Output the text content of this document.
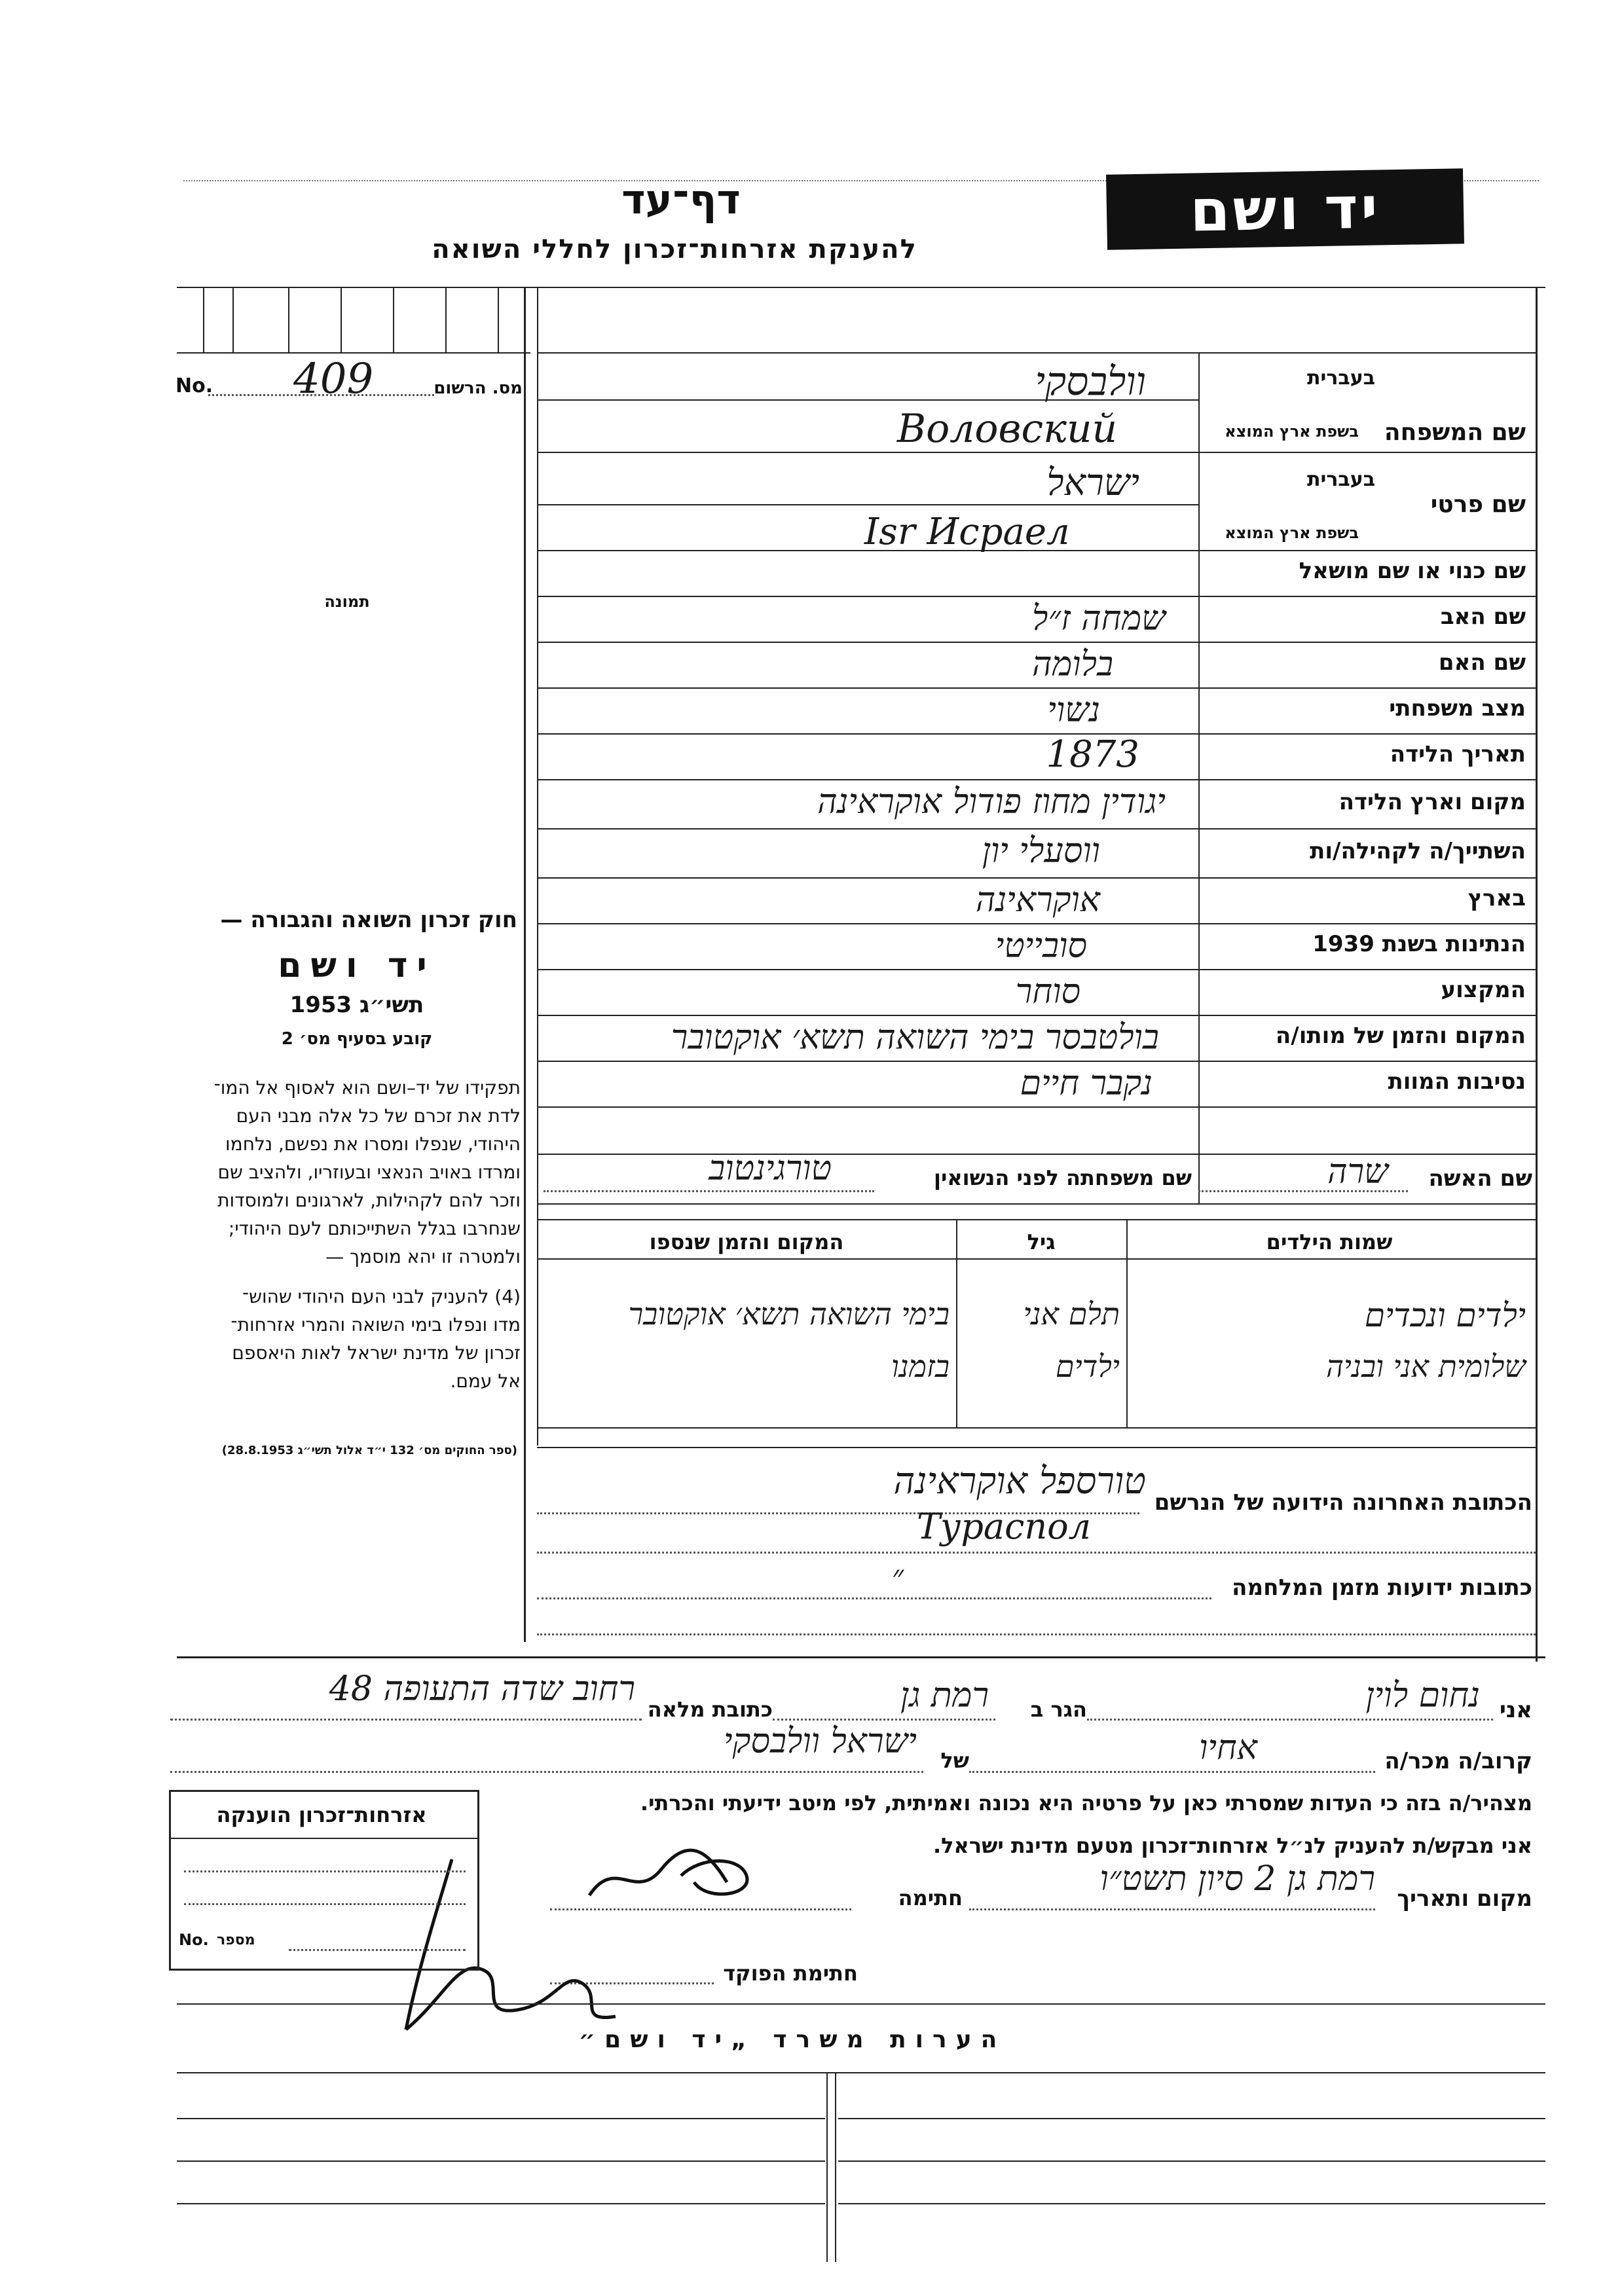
יד ושם
דף־עד
להענקת אזרחות־זכרון לחללי השואה
No. 409	מס. הרשום
תמונה
שם המשפחה
בעברית
בשפת ארץ המוצא
וולבסקי
Воловский
שם פרטי
בעברית
בשפת ארץ המוצא
ישראל
Isr Исраел
שם כנוי או שם מושאל
שם האב
שמחה ז״ל
שם האם
בלומה
מצב משפחתי
נשוי
תאריך הלידה
1873
מקום וארץ הלידה
יגודין מחוז פודול אוקראינה
השתייך/ה לקהילה/ות
ווסעלי יון
בארץ
אוקראינה
הנתינות בשנת 1939
סובייטי
המקצוע
סוחר
המקום והזמן של מותו/ה
בולטבסר בימי השואה תשא׳ אוקטובר
נסיבות המוות
נקבר חיים
שם האשה
שרה
שם משפחתה לפני הנשואין
טורגינטוב
שמות הילדים
גיל
המקום והזמן שנספו
ילדים ונכדים
תלם אני
בימי השואה תשא׳ אוקטובר
שלומית אני ובניה
ילדים
בזמנו
הכתובת האחרונה הידועה של הנרשם
טורספל אוקראינה
Тураспол
כתובות ידועות מזמן המלחמה
״
חוק זכרון השואה והגבורה —
יד ושם
תשי״ג 1953
קובע בסעיף מס׳ 2
תפקידו של יד–ושם הוא לאסוף אל המו־
לדת את זכרם של כל אלה מבני העם
היהודי, שנפלו ומסרו את נפשם, נלחמו
ומרדו באויב הנאצי ובעוזריו, ולהציב שם
וזכר להם לקהילות, לארגונים ולמוסדות
שנחרבו בגלל השתייכותם לעם היהודי;
ולמטרה זו יהא מוסמך —
(4) להעניק לבני העם היהודי שהוש־
מדו ונפלו בימי השואה והמרי אזרחות־
זכרון של מדינת ישראל לאות היאספם
אל עמם.
(ספר החוקים מס׳ 132 י״ד אלול תשי״ג 28.8.1953)
אני
נחום לוין
הגר ב
רמת גן
כתובת מלאה
רחוב שדה התעופה 48
קרוב/ה מכר/ה
אחיו
של
ישראל וולבסקי
מצהיר/ה בזה כי העדות שמסרתי כאן על פרטיה היא נכונה ואמיתית, לפי מיטב ידיעתי והכרתי.
אני מבקש/ת להעניק לנ״ל אזרחות־זכרון מטעם מדינת ישראל.
מקום ותאריך
רמת גן 2 סיון תשט״ו
חתימה
חתימת הפוקד
אזרחות־זכרון הוענקה
No. מספר
הערות משרד „יד ושם״
